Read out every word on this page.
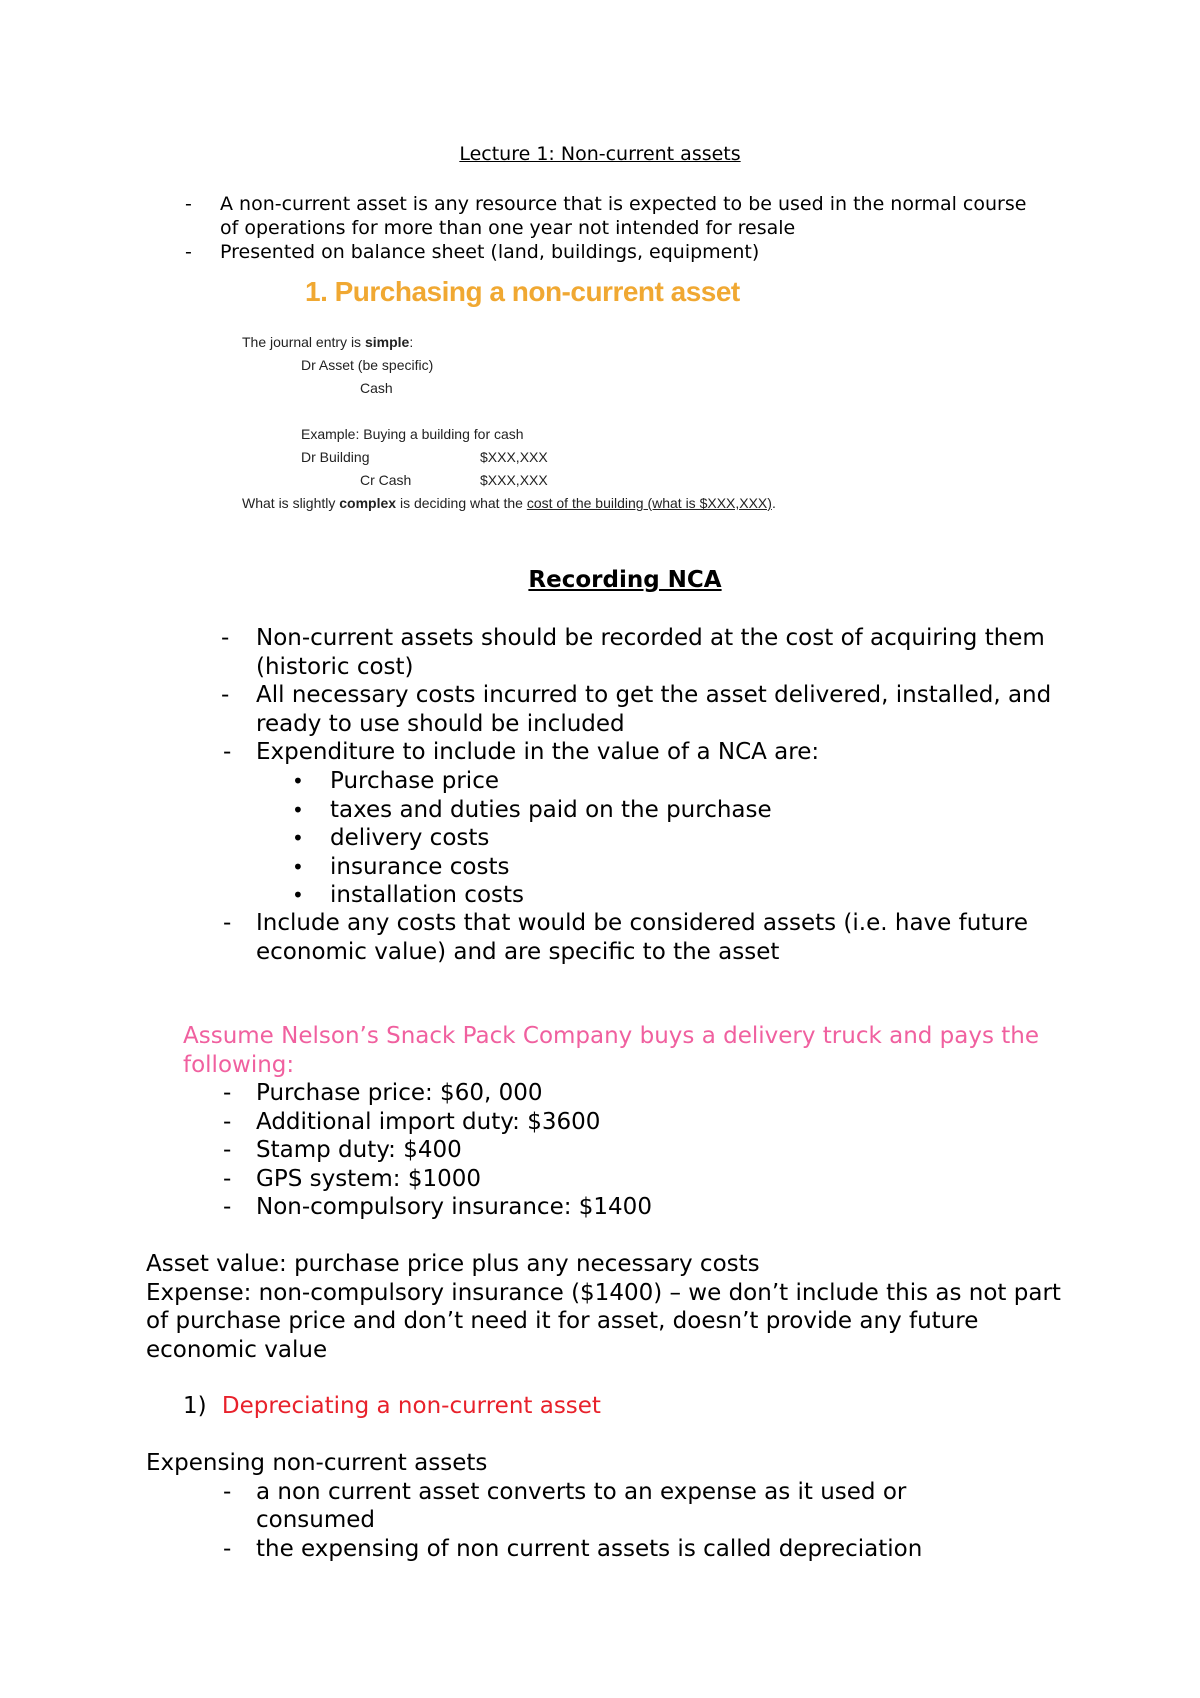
Lecture 1: Non-current assets
- A non-current asset is any resource that is expected to be used in the normal course of operations for more than one year not intended for resale
- Presented on balance sheet (land, buildings, equipment)
1. Purchasing a non-current asset
The journal entry is simple:
Dr Asset (be specific)
Cash
Example: Buying a building for cash
Dr Building	$XXX,XXX
Cr Cash	$XXX,XXX
What is slightly complex is deciding what the cost of the building (what is $XXX,XXX).
Recording NCA
- Non-current assets should be recorded at the cost of acquiring them (historic cost)
- All necessary costs incurred to get the asset delivered, installed, and ready to use should be included
- Expenditure to include in the value of a NCA are:
• Purchase price
• taxes and duties paid on the purchase
• delivery costs
• insurance costs
• installation costs
- Include any costs that would be considered assets (i.e. have future economic value) and are specific to the asset

Assume Nelson’s Snack Pack Company buys a delivery truck and pays the following:

- Purchase price: $60, 000
- Additional import duty: $3600
- Stamp duty: $400
- GPS system: $1000
- Non-compulsory insurance: $1400

Asset value: purchase price plus any necessary costs

Expense: non-compulsory insurance ($1400) – we don’t include this as not part of purchase price and don’t need it for asset, doesn’t provide any future economic value

1) Depreciating a non-current asset

Expensing non-current assets

- a non current asset converts to an expense as it used or consumed
- the expensing of non current assets is called depreciation
